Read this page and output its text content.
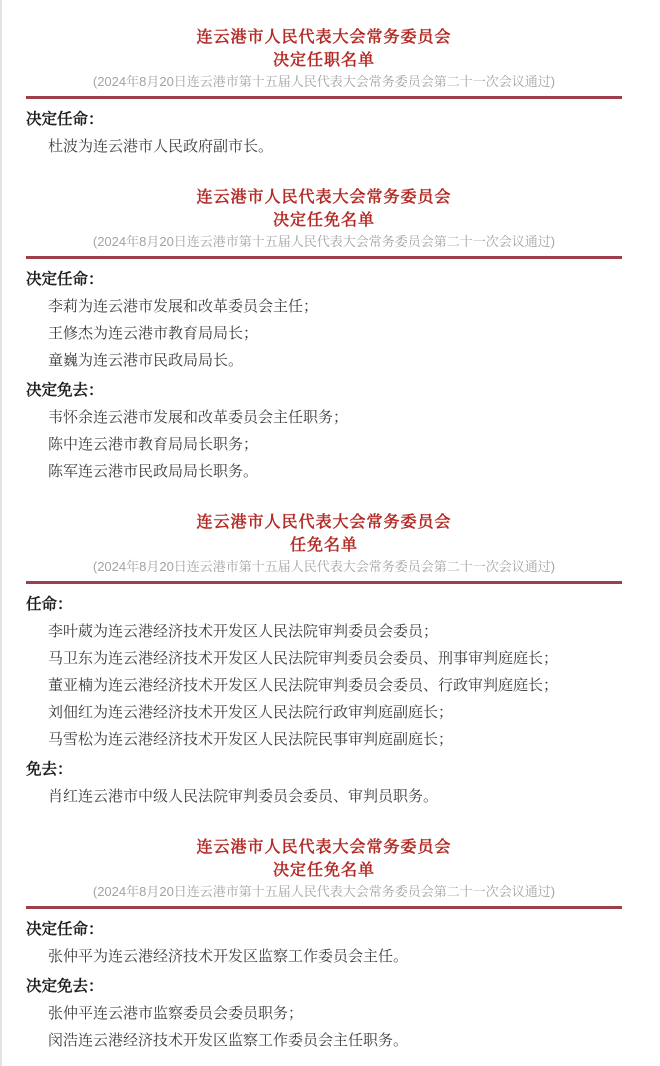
连云港市人民代表大会常务委员会
决定任职名单

(2024年8月20日连云港市第十五届人民代表大会常务委员会第二十一次会议通过)

决定任命：

杜波为连云港市人民政府副市长。

连云港市人民代表大会常务委员会
决定任免名单

(2024年8月20日连云港市第十五届人民代表大会常务委员会第二十一次会议通过)

决定任命：

李莉为连云港市发展和改革委员会主任；

王修杰为连云港市教育局局长；

童巍为连云港市民政局局长。

决定免去：

韦怀余连云港市发展和改革委员会主任职务；

陈中连云港市教育局局长职务；

陈军连云港市民政局局长职务。

连云港市人民代表大会常务委员会
任免名单

(2024年8月20日连云港市第十五届人民代表大会常务委员会第二十一次会议通过)

任命：

李叶葳为连云港经济技术开发区人民法院审判委员会委员；

马卫东为连云港经济技术开发区人民法院审判委员会委员、刑事审判庭庭长；

董亚楠为连云港经济技术开发区人民法院审判委员会委员、行政审判庭庭长；

刘佃红为连云港经济技术开发区人民法院行政审判庭副庭长；

马雪松为连云港经济技术开发区人民法院民事审判庭副庭长；

免去：

肖红连云港市中级人民法院审判委员会委员、审判员职务。

连云港市人民代表大会常务委员会
决定任免名单

(2024年8月20日连云港市第十五届人民代表大会常务委员会第二十一次会议通过)

决定任命：

张仲平为连云港经济技术开发区监察工作委员会主任。

决定免去：

张仲平连云港市监察委员会委员职务；

闵浩连云港经济技术开发区监察工作委员会主任职务。
